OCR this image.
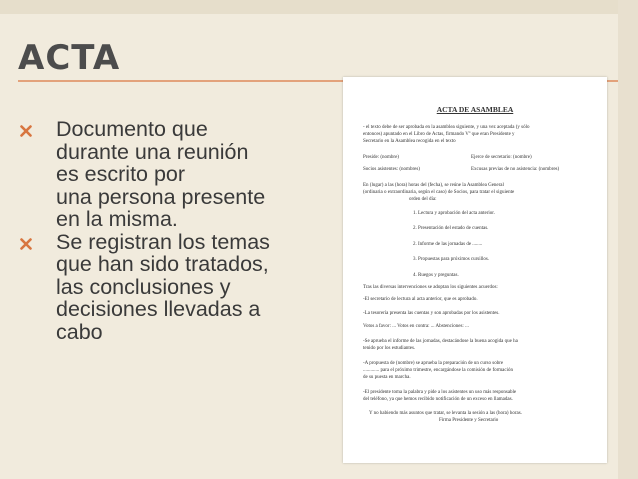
ACTA
Documento que
durante una reunión
es escrito por
una persona presente
en la misma.
Se registran los temas
que han sido tratados,
las conclusiones y
decisiones llevadas a
cabo
ACTA DE ASAMBLEA
- el texto debe de ser aprobada en la asamblea siguiente, y una vez aceptada (y sólo
entonces) apuntado en el Libro de Actas, firmando Vº que eran Presidente y
Secretario en la Asamblea recogida en el texto
Preside: (nombre)	Ejerce de secretario: (nombre)
Socios asistentes: (nombres)	Excusas previas de no asistencia: (nombres)
En (lugar) a las (hora) horas del (fecha), se reúne la Asamblea General
(ordinaria o extraordinaria, según el caso) de Socios, para tratar el siguiente
orden del día:
1. Lectura y aprobación del acta anterior.
2. Presentación del estado de cuentas.
2. Informe de las jornadas de ........
3. Propuestas para próximos cursillos.
4. Ruegos y preguntas.
Tras las diversas intervenciones se adoptan los siguientes acuerdos:
-El secretario de lectura al acta anterior, que es aprobado.
-La tesorería presenta las cuentas y son aprobadas por los asistentes.
Votos a favor: ... Votos en contra: ... Abstenciones: ...
-Se aprueba el informe de las jornadas, destacándose la buena acogida que ha
tenido por los estudiantes.
-A propuesta de (nombre) se aprueba la preparación de un curso sobre
............. para el próximo trimestre, encargándose la comisión de formación
de su puesta en marcha.
-El presidente toma la palabra y pide a los asistentes un uso más responsable
del teléfono, ya que hemos recibido notificación de un exceso en llamadas.
Y no habiendo más asuntos que tratar, se levanta la sesión a las (hora) horas.
Firma Presidente y Secretario
